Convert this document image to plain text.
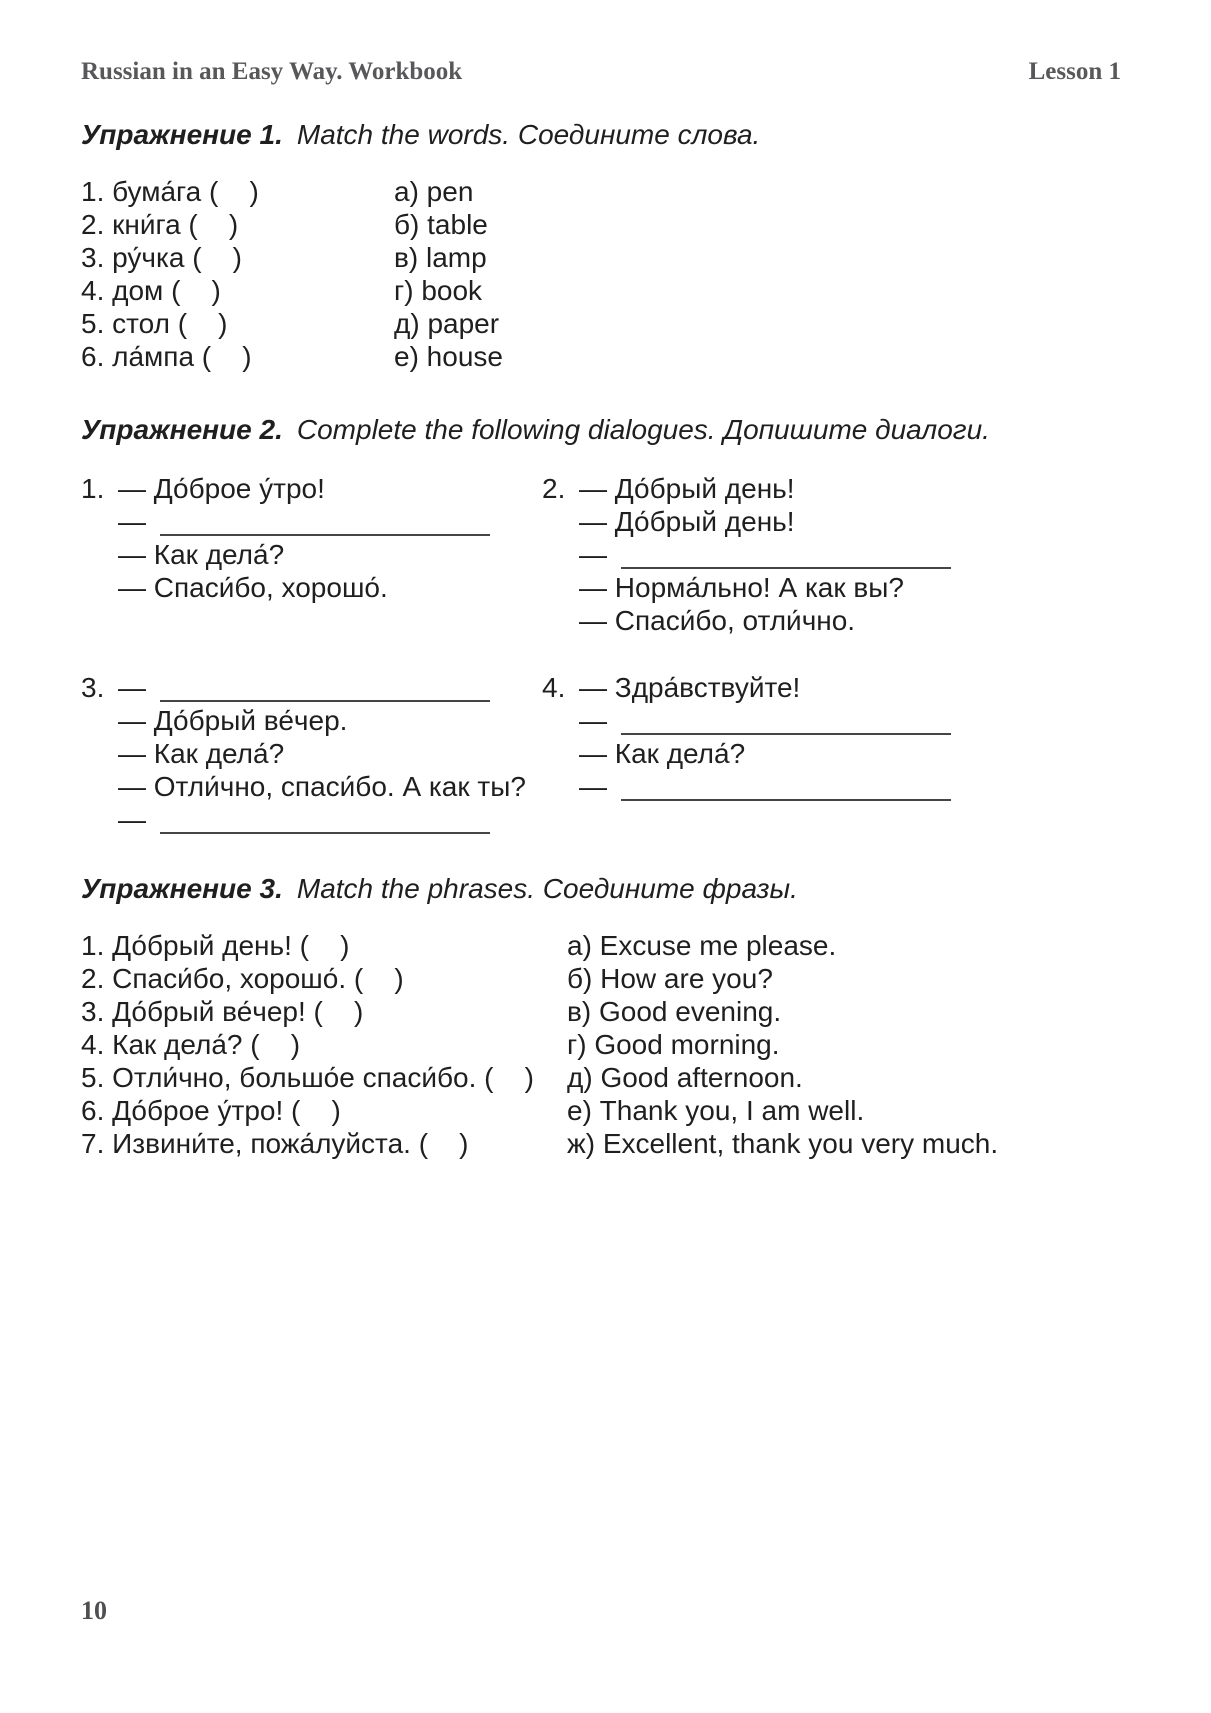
Russian in an Easy Way. Workbook	Lesson 1
Упражнение 1. Match the words. Соедините слова.
1. бума́га (    )
2. кни́га (    )
3. ру́чка (    )
4. дом (    )
5. стол (    )
6. ла́мпа (    )
а) pen
б) table
в) lamp
г) book
д) paper
е) house
Упражнение 2. Complete the following dialogues. Допишите диалоги.
1. — До́брое у́тро!
—
— Как дела́?
— Спаси́бо, хорошо́.
2. — До́брый день!
— До́брый день!
—
— Норма́льно! А как вы?
— Спаси́бо, отли́чно.
3. —
— До́брый ве́чер.
— Как дела́?
— Отли́чно, спаси́бо. А как ты?
—
4. — Здра́вствуйте!
—
— Как дела́?
—
Упражнение 3. Match the phrases. Соедините фразы.
1. До́брый день! (    )
2. Спаси́бо, хорошо́. (    )
3. До́брый ве́чер! (    )
4. Как дела́? (    )
5. Отли́чно, большо́е спаси́бо. (    )
6. До́брое у́тро! (    )
7. Извини́те, пожа́луйста. (    )
а) Excuse me please.
б) How are you?
в) Good evening.
г) Good morning.
д) Good afternoon.
е) Thank you, I am well.
ж) Excellent, thank you very much.
10
